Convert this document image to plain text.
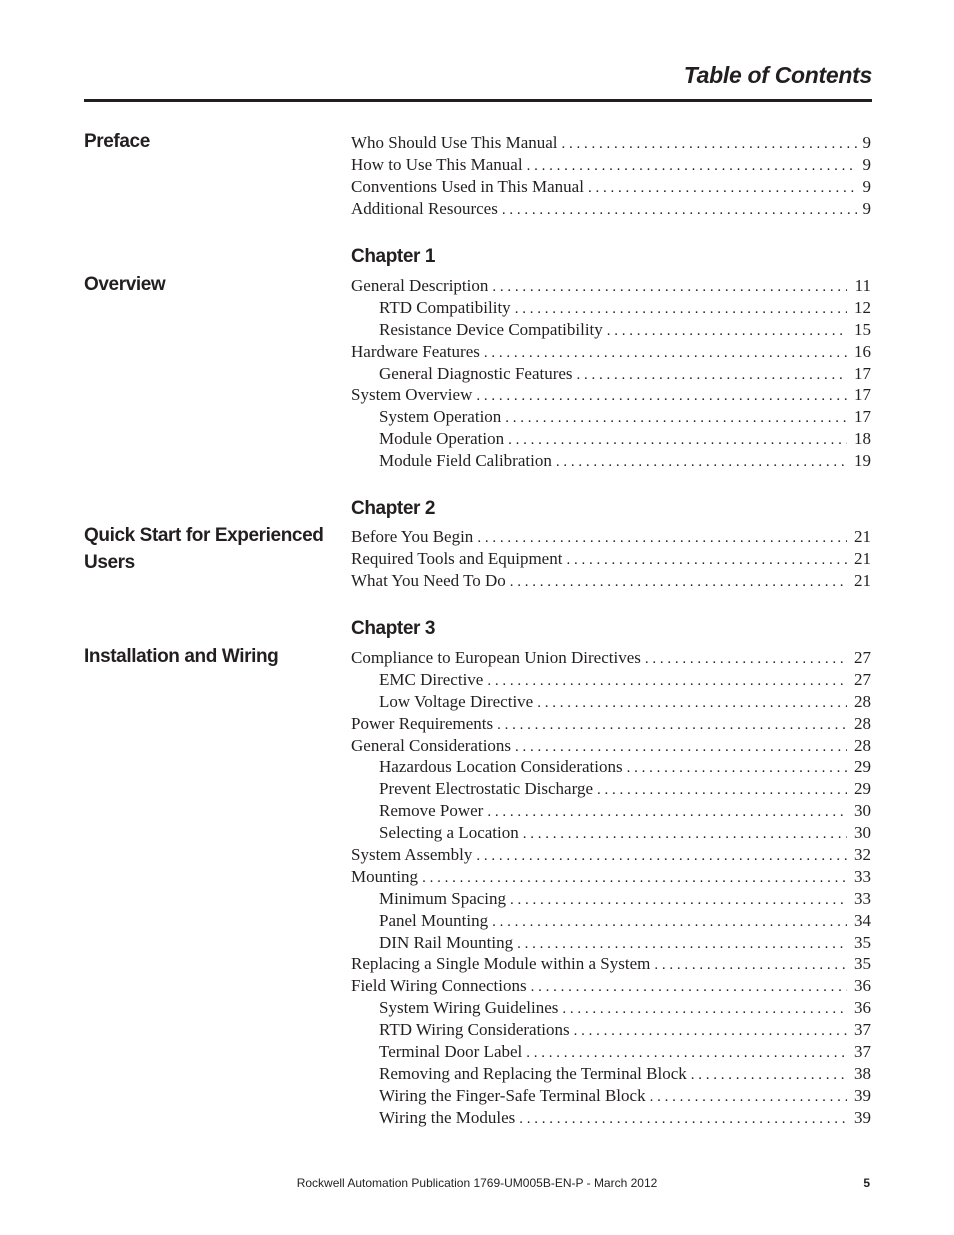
Table of Contents
Preface	Who Should Use This Manual . . .	9
How to Use This Manual . . .	9
Conventions Used in This Manual . . .	9
Additional Resources . . .	9
Chapter 1
Overview	General Description . . .	11
RTD Compatibility . . .	12
Resistance Device Compatibility . . .	15
Hardware Features . . .	16
General Diagnostic Features . . .	17
System Overview . . .	17
System Operation . . .	17
Module Operation . . .	18
Module Field Calibration . . .	19
Chapter 2
Quick Start for Experienced Users
Before You Begin . . .	21
Required Tools and Equipment . . .	21
What You Need To Do . . .	21
Chapter 3
Installation and Wiring	Compliance to European Union Directives . . .	27
EMC Directive . . .	27
Low Voltage Directive . . .	28
Power Requirements . . .	28
General Considerations . . .	28
Hazardous Location Considerations . . .	29
Prevent Electrostatic Discharge . . .	29
Remove Power . . .	30
Selecting a Location . . .	30
System Assembly . . .	32
Mounting . . .	33
Minimum Spacing . . .	33
Panel Mounting . . .	34
DIN Rail Mounting . . .	35
Replacing a Single Module within a System . . .	35
Field Wiring Connections . . .	36
System Wiring Guidelines . . .	36
RTD Wiring Considerations . . .	37
Terminal Door Label . . .	37
Removing and Replacing the Terminal Block . . .	38
Wiring the Finger-Safe Terminal Block . . .	39
Wiring the Modules . . .	39

Rockwell Automation Publication 1769-UM005B-EN-P - March 2012	5
